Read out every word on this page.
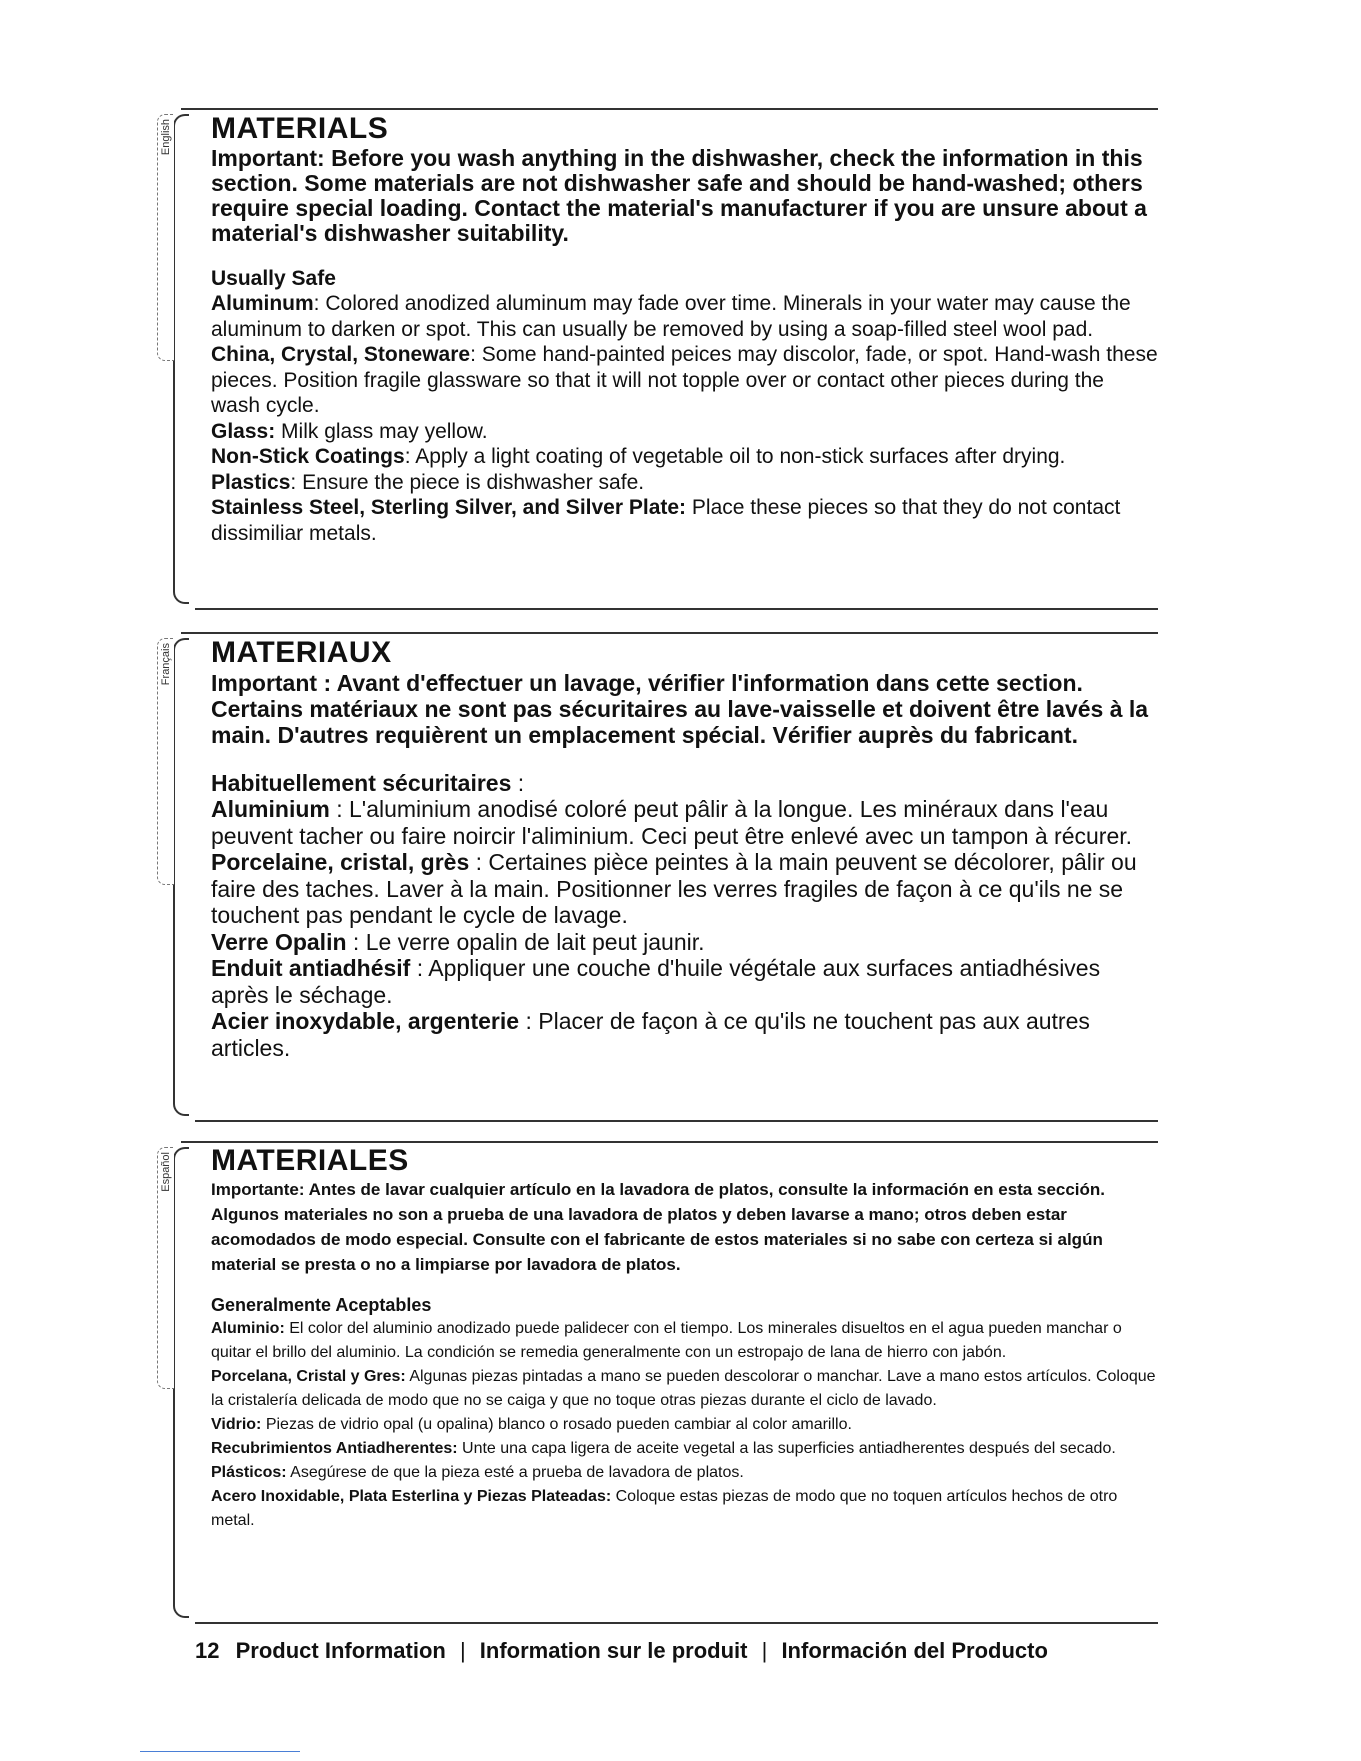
English MATERIALS

Important: Before you wash anything in the dishwasher, check the information in this section. Some materials are not dishwasher safe and should be hand-washed; others require special loading. Contact the material's manufacturer if you are unsure about a material's dishwasher suitability.

Usually Safe

Aluminum: Colored anodized aluminum may fade over time. Minerals in your water may cause the aluminum to darken or spot. This can usually be removed by using a soap-filled steel wool pad.

China, Crystal, Stoneware: Some hand-painted peices may discolor, fade, or spot. Hand-wash these pieces. Position fragile glassware so that it will not topple over or contact other pieces during the wash cycle.

Glass: Milk glass may yellow.

Non-Stick Coatings: Apply a light coating of vegetable oil to non-stick surfaces after drying.

Plastics: Ensure the piece is dishwasher safe.

Stainless Steel, Sterling Silver, and Silver Plate: Place these pieces so that they do not contact dissimiliar metals.

Français MATERIAUX

Important : Avant d'effectuer un lavage, vérifier l'information dans cette section. Certains matériaux ne sont pas sécuritaires au lave-vaisselle et doivent être lavés à la main. D'autres requièrent un emplacement spécial. Vérifier auprès du fabricant.

Habituellement sécuritaires :

Aluminium : L'aluminium anodisé coloré peut pâlir à la longue. Les minéraux dans l'eau peuvent tacher ou faire noircir l'aliminium. Ceci peut être enlevé avec un tampon à récurer.

Porcelaine, cristal, grès : Certaines pièce peintes à la main peuvent se décolorer, pâlir ou faire des taches. Laver à la main. Positionner les verres fragiles de façon à ce qu'ils ne se touchent pas pendant le cycle de lavage.

Verre Opalin : Le verre opalin de lait peut jaunir.

Enduit antiadhésif : Appliquer une couche d'huile végétale aux surfaces antiadhésives après le séchage.

Acier inoxydable, argenterie : Placer de façon à ce qu'ils ne touchent pas aux autres articles.

Español MATERIALES

Importante: Antes de lavar cualquier artículo en la lavadora de platos, consulte la información en esta sección. Algunos materiales no son a prueba de una lavadora de platos y deben lavarse a mano; otros deben estar acomodados de modo especial. Consulte con el fabricante de estos materiales si no sabe con certeza si algún material se presta o no a limpiarse por lavadora de platos.

Generalmente Aceptables

Aluminio: El color del aluminio anodizado puede palidecer con el tiempo. Los minerales disueltos en el agua pueden manchar o quitar el brillo del aluminio. La condición se remedia generalmente con un estropajo de lana de hierro con jabón.

Porcelana, Cristal y Gres: Algunas piezas pintadas a mano se pueden descolorar o manchar. Lave a mano estos artículos. Coloque la cristalería delicada de modo que no se caiga y que no toque otras piezas durante el ciclo de lavado.

Vidrio: Piezas de vidrio opal (u opalina) blanco o rosado pueden cambiar al color amarillo.

Recubrimientos Antiadherentes: Unte una capa ligera de aceite vegetal a las superficies antiadherentes después del secado.

Plásticos: Asegúrese de que la pieza esté a prueba de lavadora de platos.

Acero Inoxidable, Plata Esterlina y Piezas Plateadas: Coloque estas piezas de modo que no toquen artículos hechos de otro metal.

12 Product Information | Information sur le produit | Información del Producto
